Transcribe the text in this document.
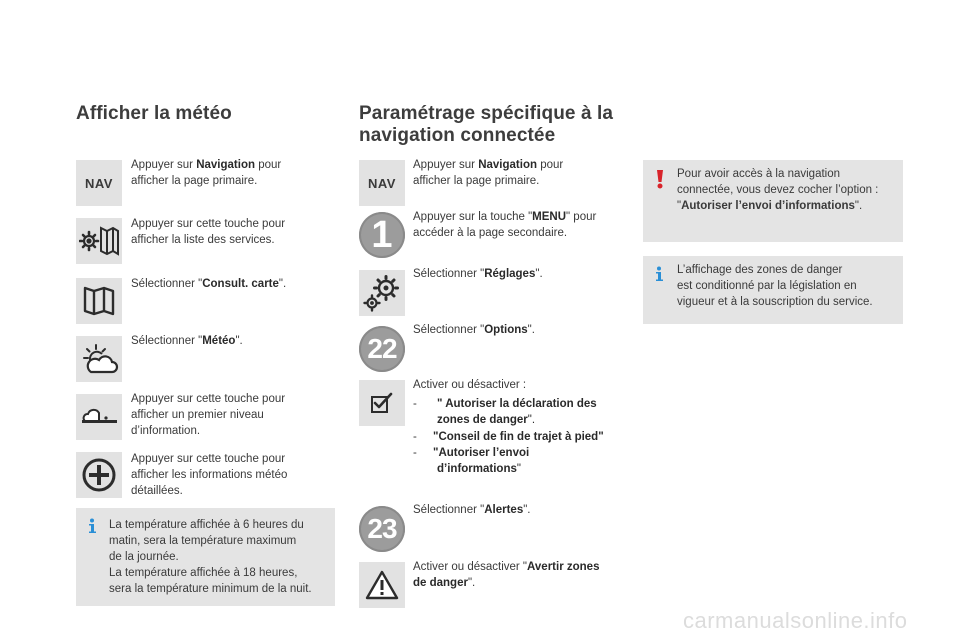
Afficher la météo
NAV
Appuyer sur Navigation pour
afficher la page primaire.
Appuyer sur cette touche pour
afficher la liste des services.
Sélectionner "Consult. carte".
Sélectionner "Météo".
Appuyer sur cette touche pour
afficher un premier niveau
d’information.
Appuyer sur cette touche pour
afficher les informations météo
détaillées.
La température affichée à 6 heures du
matin, sera la température maximum
de la journée.
La température affichée à 18 heures,
sera la température minimum de la nuit.
Paramétrage spécifique à la
navigation connectée
NAV
Appuyer sur Navigation pour
afficher la page primaire.
1 Appuyer sur la touche "MENU" pour
accéder à la page secondaire.
Sélectionner "Réglages".
22
Sélectionner "Options".
Activer ou désactiver :
- " Autoriser la déclaration des
zones de danger".
- "Conseil de fin de trajet à pied"
- "Autoriser l’envoi
d’informations"
23
Sélectionner "Alertes".
Activer ou désactiver "Avertir zones
de danger".
Pour avoir accès à la navigation
connectée, vous devez cocher l’option :
"Autoriser l’envoi d’informations".
L’affichage des zones de danger
est conditionné par la législation en
vigueur et à la souscription du service.
carmanualsonline.info
